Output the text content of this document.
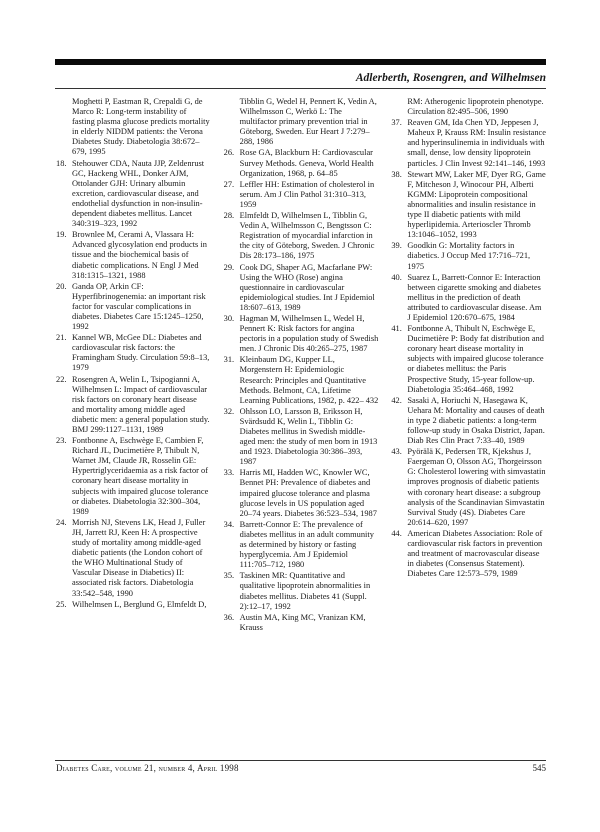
Adlerberth, Rosengren, and Wilhelmsen
Moghetti P, Eastman R, Crepaldi G, de Marco R: Long-term instability of fasting plasma glucose predicts mortality in elderly NIDDM patients: the Verona Diabetes Study. Diabetologia 38:672–679, 1995
18. Stehouwer CDA, Nauta JJP, Zeldenrust GC, Hackeng WHL, Donker AJM, Ottolander GJH: Urinary albumin excretion, cardiovascular disease, and endothelial dysfunction in non-insulin-dependent diabetes mellitus. Lancet 340:319–323, 1992
19. Brownlee M, Cerami A, Vlassara H: Advanced glycosylation end products in tissue and the biochemical basis of diabetic complications. N Engl J Med 318:1315–1321, 1988
20. Ganda OP, Arkin CF: Hyperfibrinogenemia: an important risk factor for vascular complications in diabetes. Diabetes Care 15:1245–1250, 1992
21. Kannel WB, McGee DL: Diabetes and cardiovascular risk factors: the Framingham Study. Circulation 59:8–13, 1979
22. Rosengren A, Welin L, Tsipogianni A, Wilhelmsen L: Impact of cardiovascular risk factors on coronary heart disease and mortality among middle aged diabetic men: a general population study. BMJ 299:1127–1131, 1989
23. Fontbonne A, Eschwège E, Cambien F, Richard JL, Ducimetière P, Thibult N, Warnet JM, Claude JR, Rosselin GE: Hypertriglyceridaemia as a risk factor of coronary heart disease mortality in subjects with impaired glucose tolerance or diabetes. Diabetologia 32:300–304, 1989
24. Morrish NJ, Stevens LK, Head J, Fuller JH, Jarrett RJ, Keen H: A prospective study of mortality among middle-aged diabetic patients (the London cohort of the WHO Multinational Study of Vascular Disease in Diabetics) II: associated risk factors. Diabetologia 33:542–548, 1990
25. Wilhelmsen L, Berglund G, Elmfeldt D,
Tibblin G, Wedel H, Pennert K, Vedin A, Wilhelmsson C, Werkö L: The multifactor primary prevention trial in Göteborg, Sweden. Eur Heart J 7:279–288, 1986
26. Rose GA, Blackburn H: Cardiovascular Survey Methods. Geneva, World Health Organization, 1968, p. 64–85
27. Leffler HH: Estimation of cholesterol in serum. Am J Clin Pathol 31:310–313, 1959
28. Elmfeldt D, Wilhelmsen L, Tibblin G, Vedin A, Wilhelmsson C, Bengtsson C: Registration of myocardial infarction in the city of Göteborg, Sweden. J Chronic Dis 28:173–186, 1975
29. Cook DG, Shaper AG, Macfarlane PW: Using the WHO (Rose) angina questionnaire in cardiovascular epidemiological studies. Int J Epidemiol 18:607–613, 1989
30. Hagman M, Wilhelmsen L, Wedel H, Pennert K: Risk factors for angina pectoris in a population study of Swedish men. J Chronic Dis 40:265–275, 1987
31. Kleinbaum DG, Kupper LL, Morgenstern H: Epidemiologic Research: Principles and Quantitative Methods. Belmont, CA, Lifetime Learning Publications, 1982, p. 422– 432
32. Ohlsson LO, Larsson B, Eriksson H, Svärdsudd K, Welin L, Tibblin G: Diabetes mellitus in Swedish middle-aged men: the study of men born in 1913 and 1923. Diabetologia 30:386–393, 1987
33. Harris MI, Hadden WC, Knowler WC, Bennet PH: Prevalence of diabetes and impaired glucose tolerance and plasma glucose levels in US population aged 20–74 years. Diabetes 36:523–534, 1987
34. Barrett-Connor E: The prevalence of diabetes mellitus in an adult community as determined by history or fasting hyperglycemia. Am J Epidemiol 111:705–712, 1980
35. Taskinen MR: Quantitative and qualitative lipoprotein abnormalities in diabetes mellitus. Diabetes 41 (Suppl. 2):12–17, 1992
36. Austin MA, King MC, Vranizan KM, Krauss
RM: Atherogenic lipoprotein phenotype. Circulation 82:495–506, 1990
37. Reaven GM, Ida Chen YD, Jeppesen J, Maheux P, Krauss RM: Insulin resistance and hyperinsulinemia in individuals with small, dense, low density lipoprotein particles. J Clin Invest 92:141–146, 1993
38. Stewart MW, Laker MF, Dyer RG, Game F, Mitcheson J, Winocour PH, Alberti KGMM: Lipoprotein compositional abnormalities and insulin resistance in type II diabetic patients with mild hyperlipidemia. Arterioscler Thromb 13:1046–1052, 1993
39. Goodkin G: Mortality factors in diabetics. J Occup Med 17:716–721, 1975
40. Suarez L, Barrett-Connor E: Interaction between cigarette smoking and diabetes mellitus in the prediction of death attributed to cardiovascular disease. Am J Epidemiol 120:670–675, 1984
41. Fontbonne A, Thibult N, Eschwège E, Ducimetière P: Body fat distribution and coronary heart disease mortality in subjects with impaired glucose tolerance or diabetes mellitus: the Paris Prospective Study, 15-year follow-up. Diabetologia 35:464–468, 1992
42. Sasaki A, Horiuchi N, Hasegawa K, Uehara M: Mortality and causes of death in type 2 diabetic patients: a long-term follow-up study in Osaka District, Japan. Diab Res Clin Pract 7:33–40, 1989
43. Pyörälä K, Pedersen TR, Kjekshus J, Faergeman O, Olsson AG, Thorgeirsson G: Cholesterol lowering with simvastatin improves prognosis of diabetic patients with coronary heart disease: a subgroup analysis of the Scandinavian Simvastatin Survival Study (4S). Diabetes Care 20:614–620, 1997
44. American Diabetes Association: Role of cardiovascular risk factors in prevention and treatment of macrovascular disease in diabetes (Consensus Statement). Diabetes Care 12:573–579, 1989
Diabetes Care, volume 21, number 4, April 1998	545
